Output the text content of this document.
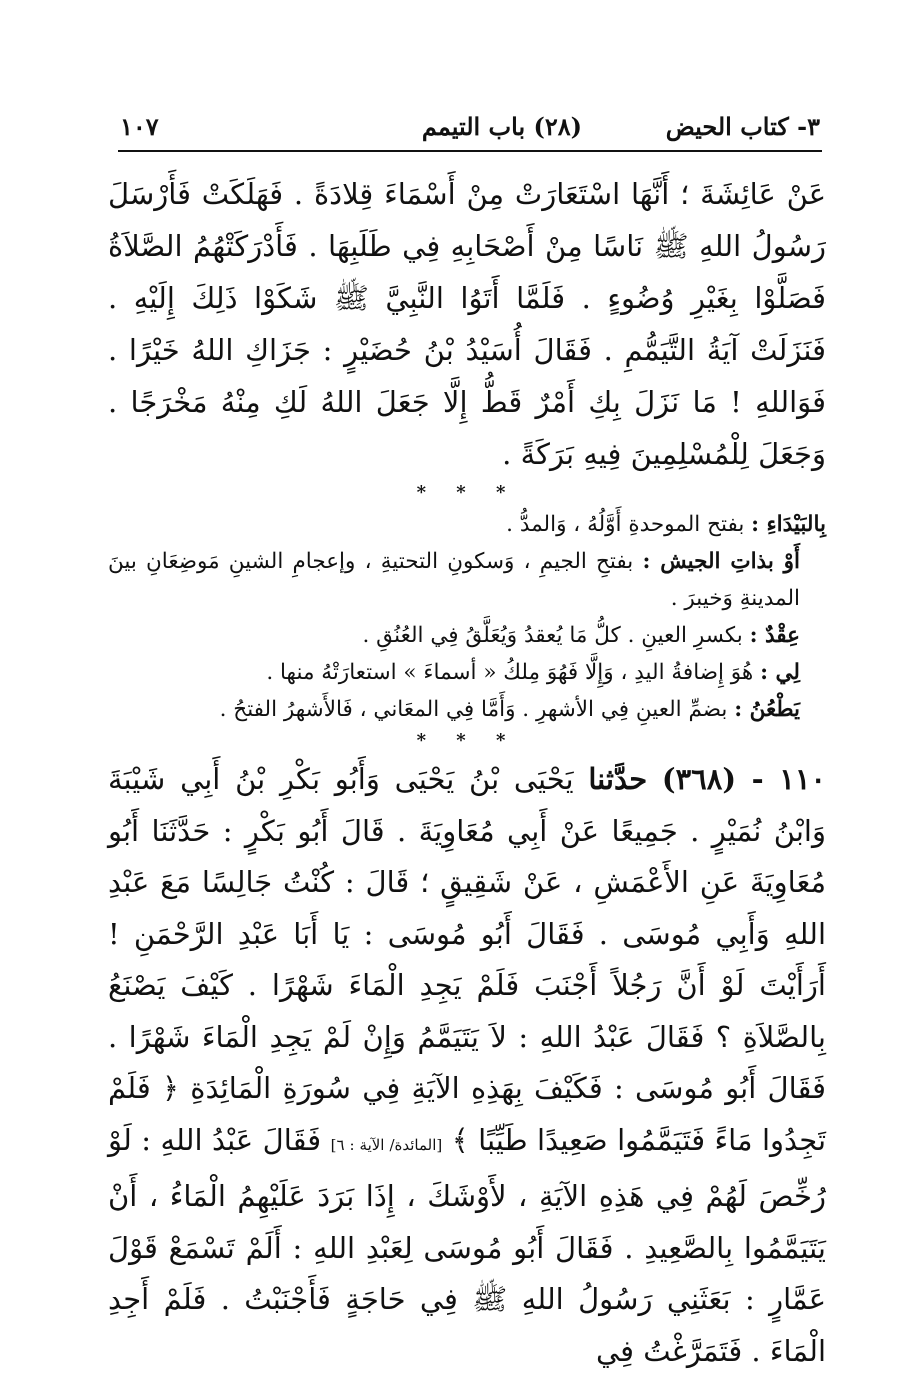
٣- كتاب الحيض
(٢٨) باب التيمم
١٠٧

عَنْ عَائِشَةَ ؛ أَنَّهَا اسْتَعَارَتْ مِنْ أَسْمَاءَ قِلادَةً . فَهَلَكَتْ فَأَرْسَلَ رَسُولُ اللهِ ﷺ نَاسًا مِنْ أَصْحَابِهِ فِي طَلَبِهَا . فَأَدْرَكَتْهُمُ الصَّلاَةُ فَصَلَّوْا بِغَيْرِ وُضُوءٍ . فَلَمَّا أَتَوُا النَّبِيَّ ﷺ شَكَوْا ذَلِكَ إِلَيْهِ . فَنَزَلَتْ آيَةُ التَّيَمُّمِ . فَقَالَ أُسَيْدُ بْنُ حُضَيْرٍ : جَزَاكِ اللهُ خَيْرًا . فَوَاللهِ ! مَا نَزَلَ بِكِ أَمْرٌ قَطُّ إِلَّا جَعَلَ اللهُ لَكِ مِنْهُ مَخْرَجًا . وَجَعَلَ لِلْمُسْلِمِينَ فِيهِ بَرَكَةً .

* * *

بِالبَيْدَاءِ : بفتح الموحدةِ أَوَّلُهُ ، وَالمدُّ .

أَوْ بذاتِ الجيش : بفتحِ الجيمِ ، وَسكونِ التحتيةِ ، وإعجامِ الشينِ مَوضِعَانِ بينَ المدينةِ وَخيبرَ .

عِقْدٌ : بكسرِ العينِ . كلُّ مَا يُعقدُ وَيُعَلَّقُ فِي العُنُقِ .

لِي : هُوَ إِضافةُ اليدِ ، وَإِلَّا فَهُوَ مِلكُ « أسماءَ » استعارَتْهُ منها .

يَطْعُنُ : بضمِّ العينِ فِي الأشهرِ . وَأَمَّا فِي المعَاني ، فَالأَشهرُ الفتحُ .

* * *

١١٠ - (٣٦٨) حدَّثنا يَحْيَى بْنُ يَحْيَى وَأَبُو بَكْرِ بْنُ أَبِي شَيْبَةَ وَابْنُ نُمَيْرٍ . جَمِيعًا عَنْ أَبِي مُعَاوِيَةَ . قَالَ أَبُو بَكْرٍ : حَدَّثَنَا أَبُو مُعَاوِيَةَ عَنِ الأَعْمَشِ ، عَنْ شَقِيقٍ ؛ قَالَ : كُنْتُ جَالِسًا مَعَ عَبْدِ اللهِ وَأَبِي مُوسَى . فَقَالَ أَبُو مُوسَى : يَا أَبَا عَبْدِ الرَّحْمَنِ ! أَرَأَيْتَ لَوْ أَنَّ رَجُلاً أَجْنَبَ فَلَمْ يَجِدِ الْمَاءَ شَهْرًا . كَيْفَ يَصْنَعُ بِالصَّلاَةِ ؟ فَقَالَ عَبْدُ اللهِ : لاَ يَتَيَمَّمُ وَإِنْ لَمْ يَجِدِ الْمَاءَ شَهْرًا . فَقَالَ أَبُو مُوسَى : فَكَيْفَ بِهَذِهِ الآيَةِ فِي سُورَةِ الْمَائِدَةِ ﴿ فَلَمْ تَجِدُوا مَاءً فَتَيَمَّمُوا صَعِيدًا طَيِّبًا ﴾ [المائدة/ الآية : ٦] فَقَالَ عَبْدُ اللهِ : لَوْ رُخِّصَ لَهُمْ فِي هَذِهِ الآيَةِ ، لأَوْشَكَ ، إِذَا بَرَدَ عَلَيْهِمُ الْمَاءُ ، أَنْ يَتَيَمَّمُوا بِالصَّعِيدِ . فَقَالَ أَبُو مُوسَى لِعَبْدِ اللهِ : أَلَمْ تَسْمَعْ قَوْلَ عَمَّارٍ : بَعَثَنِي رَسُولُ اللهِ ﷺ فِي حَاجَةٍ فَأَجْنَبْتُ . فَلَمْ أَجِدِ الْمَاءَ . فَتَمَرَّغْتُ فِي
